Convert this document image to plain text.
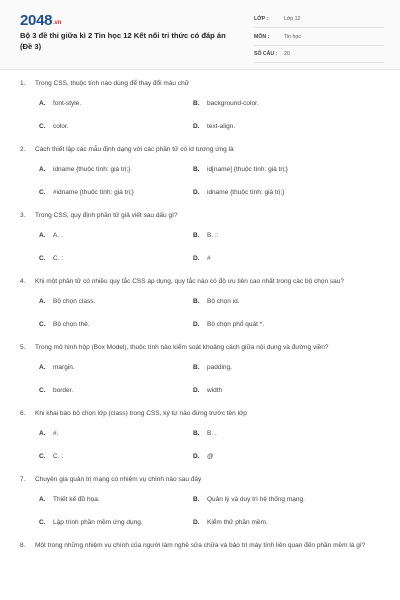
2048.vn
Bộ 3 đề thi giữa kì 2 Tin học 12 Kết nối tri thức có đáp án (Đề 3)
LỚP :	Lớp 12
MÔN :	Tin học
SỐ CÂU : 20
1. Trong CSS, thuộc tính nào dùng để thay đổi màu chữ
A.	font-style.	B.	background-color.
C.	color.	D.	text-align.
2. Cách thiết lập các mẫu định dạng với các phần tử có id tương ứng là
A.	idname {thuộc tính: giá trị;}	B.	id[name] {thuộc tính: giá trị;}
C.	#idname {thuộc tính: giá trị;}	D.	idname {thuộc tính: giá trị;}
3. Trong CSS, quy định phần tử giả viết sau dấu gì?
A.	A. .	B.	B. ::
C.	C. :	D.	#
4. Khi một phần tử có nhiều quy tắc CSS áp dụng, quy tắc nào có độ ưu tiên cao nhất trong các bộ chọn sau?
A.	Bộ chọn class.	B.	Bộ chọn id.
C.	Bộ chọn thẻ.	D.	Bộ chọn phổ quát *.
5. Trong mô hình hộp (Box Model), thuộc tính nào kiểm soát khoảng cách giữa nội dung và đường viền?
A.	margin.	B.	padding.
C.	border.	D.	width
6. Khi khai báo bộ chọn lớp (class) trong CSS, ký tự nào đứng trước tên lớp
A.	#.	B.	B. .
C.	C. :	D.	@
7. Chuyên gia quản trị mạng có nhiệm vụ chính nào sau đây
A.	Thiết kế đồ họa.	B.	Quản lý và duy trì hệ thống mạng.
C.	Lập trình phần mềm ứng dụng.	D.	Kiểm thử phần mềm.
8. Một trong những nhiệm vụ chính của người làm nghề sửa chữa và bảo trì máy tính liên quan đến phần mềm là gì?
